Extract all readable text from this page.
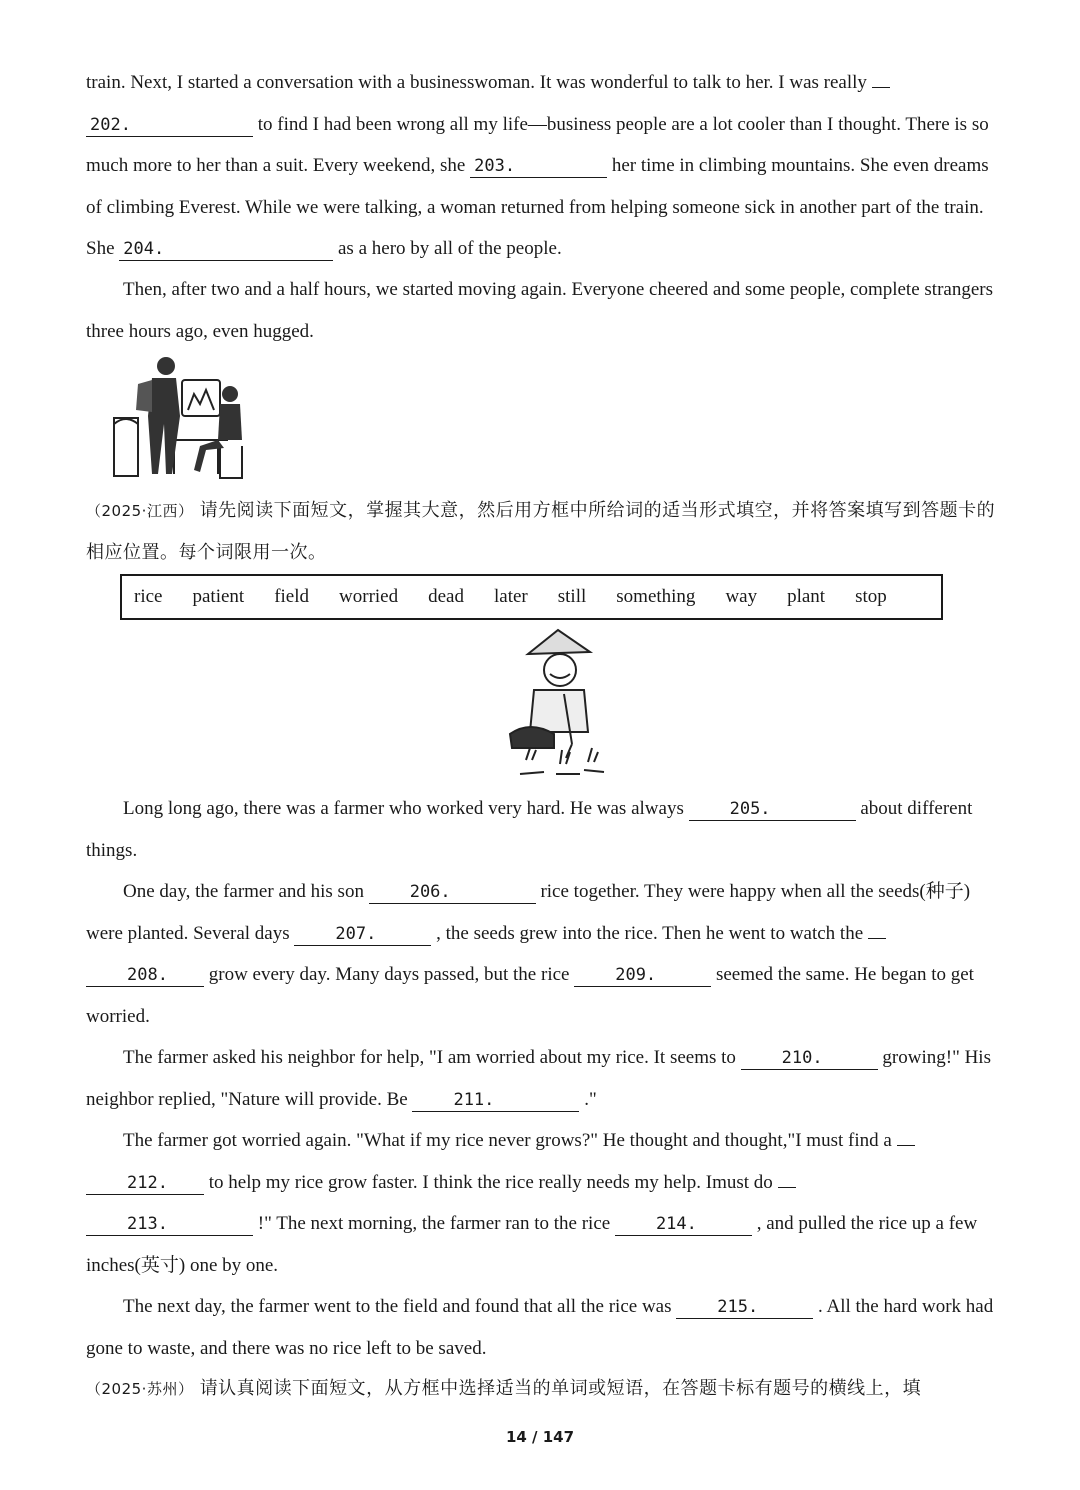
train. Next, I started a conversation with a businesswoman. It was wonderful to talk to her. I was really
202.	to find I had been wrong all my life—business people are a lot cooler than I thought. There is so much more to her than a suit. Every weekend, she 203.	her time in climbing mountains. She even dreams of climbing Everest. While we were talking, a woman returned from helping someone sick in another part of the train. She 204.	as a hero by all of the people.

Then, after two and a half hours, we started moving again. Everyone cheered and some people, complete strangers three hours ago, even hugged.

（2025·江西） 请先阅读下面短文，掌握其大意，然后用方框中所给词的适当形式填空，并将答案填写到答题卡的相应位置。每个词限用一次。
rice patient field worried dead later still something way plant stop

Long long ago, there was a farmer who worked very hard. He was always	205.	about different things.

One day, the farmer and his son	206.	rice together. They were happy when all the seeds(种子) were planted. Several days	207.	, the seeds grew into the rice. Then he went to watch the
208. grow every day. Many days passed, but the rice	209.	seemed the same. He began to get worried.

The farmer asked his neighbor for help, "I am worried about my rice. It seems to	210.	growing!" His neighbor replied, "Nature will provide. Be	211.	."

The farmer got worried again. "What if my rice never grows?" He thought and thought,"I must find a
212. to help my rice grow faster. I think the rice really needs my help. Imust do
213.	!" The next morning, the farmer ran to the rice	214.	, and pulled the rice up a few inches(英寸) one by one.

The next day, the farmer went to the field and found that all the rice was	215.	. All the hard work had gone to waste, and there was no rice left to be saved.

（2025·苏州） 请认真阅读下面短文，从方框中选择适当的单词或短语，在答题卡标有题号的横线上，填
14 / 147
